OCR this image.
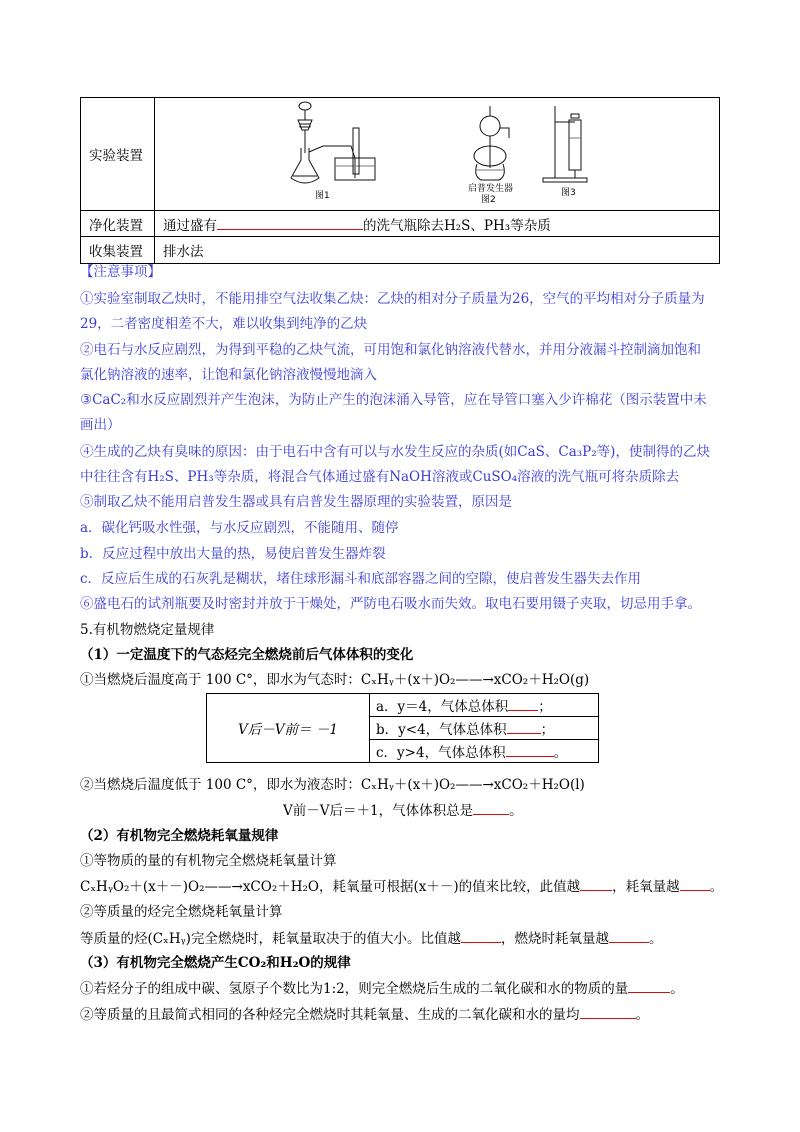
实验装置	图1
启普发生器
图2
图3

净化装置	通过盛有 的洗气瓶除去H₂S、PH₃等杂质
收集装置	排水法
【注意事项】
①实验室制取乙炔时，不能用排空气法收集乙炔：乙炔的相对分子质量为26，空气的平均相对分子质量为
29，二者密度相差不大，难以收集到纯净的乙炔
②电石与水反应剧烈，为得到平稳的乙炔气流，可用饱和氯化钠溶液代替水，并用分液漏斗控制滴加饱和
氯化钠溶液的速率，让饱和氯化钠溶液慢慢地滴入
③CaC₂和水反应剧烈并产生泡沫，为防止产生的泡沫涌入导管，应在导管口塞入少许棉花（图示装置中未
画出）
④生成的乙炔有臭味的原因：由于电石中含有可以与水发生反应的杂质(如CaS、Ca₃P₂等)，使制得的乙炔
中往往含有H₂S、PH₃等杂质，将混合气体通过盛有NaOH溶液或CuSO₄溶液的洗气瓶可将杂质除去
⑤制取乙炔不能用启普发生器或具有启普发生器原理的实验装置，原因是
a．碳化钙吸水性强，与水反应剧烈，不能随用、随停
b．反应过程中放出大量的热，易使启普发生器炸裂
c．反应后生成的石灰乳是糊状，堵住球形漏斗和底部容器之间的空隙，使启普发生器失去作用
⑥盛电石的试剂瓶要及时密封并放于干燥处，严防电石吸水而失效。取电石要用镊子夹取，切忌用手拿。
5.有机物燃烧定量规律
（1）一定温度下的气态烃完全燃烧前后气体体积的变化
①当燃烧后温度高于 100 C°，即水为气态时：CₓHᵧ＋(x＋)O₂——→xCO₂＋H₂O(g)
V后－V前＝ －1	a．y＝4，气体总体积 ；
b．y<4，气体总体积	；
c．y>4，气体总体积	。
②当燃烧后温度低于 100 C°，即水为液态时：CₓHᵧ＋(x＋)O₂——→xCO₂＋H₂O(l)
V前－V后＝＋1，气体体积总是	。
（2）有机物完全燃烧耗氧量规律
①等物质的量的有机物完全燃烧耗氧量计算
CₓHᵧO₂＋(x＋－)O₂——→xCO₂＋H₂O，耗氧量可根据(x＋－)的值来比较，此值越 ，耗氧量越 。
②等质量的烃完全燃烧耗氧量计算
等质量的烃(CₓHᵧ)完全燃烧时，耗氧量取决于的值大小。比值越	，燃烧时耗氧量越	。
（3）有机物完全燃烧产生CO₂和H₂O的规律
①若烃分子的组成中碳、氢原子个数比为1:2，则完全燃烧后生成的二氧化碳和水的物质的量	。
②等质量的且最简式相同的各种烃完全燃烧时其耗氧量、生成的二氧化碳和水的量均	。
